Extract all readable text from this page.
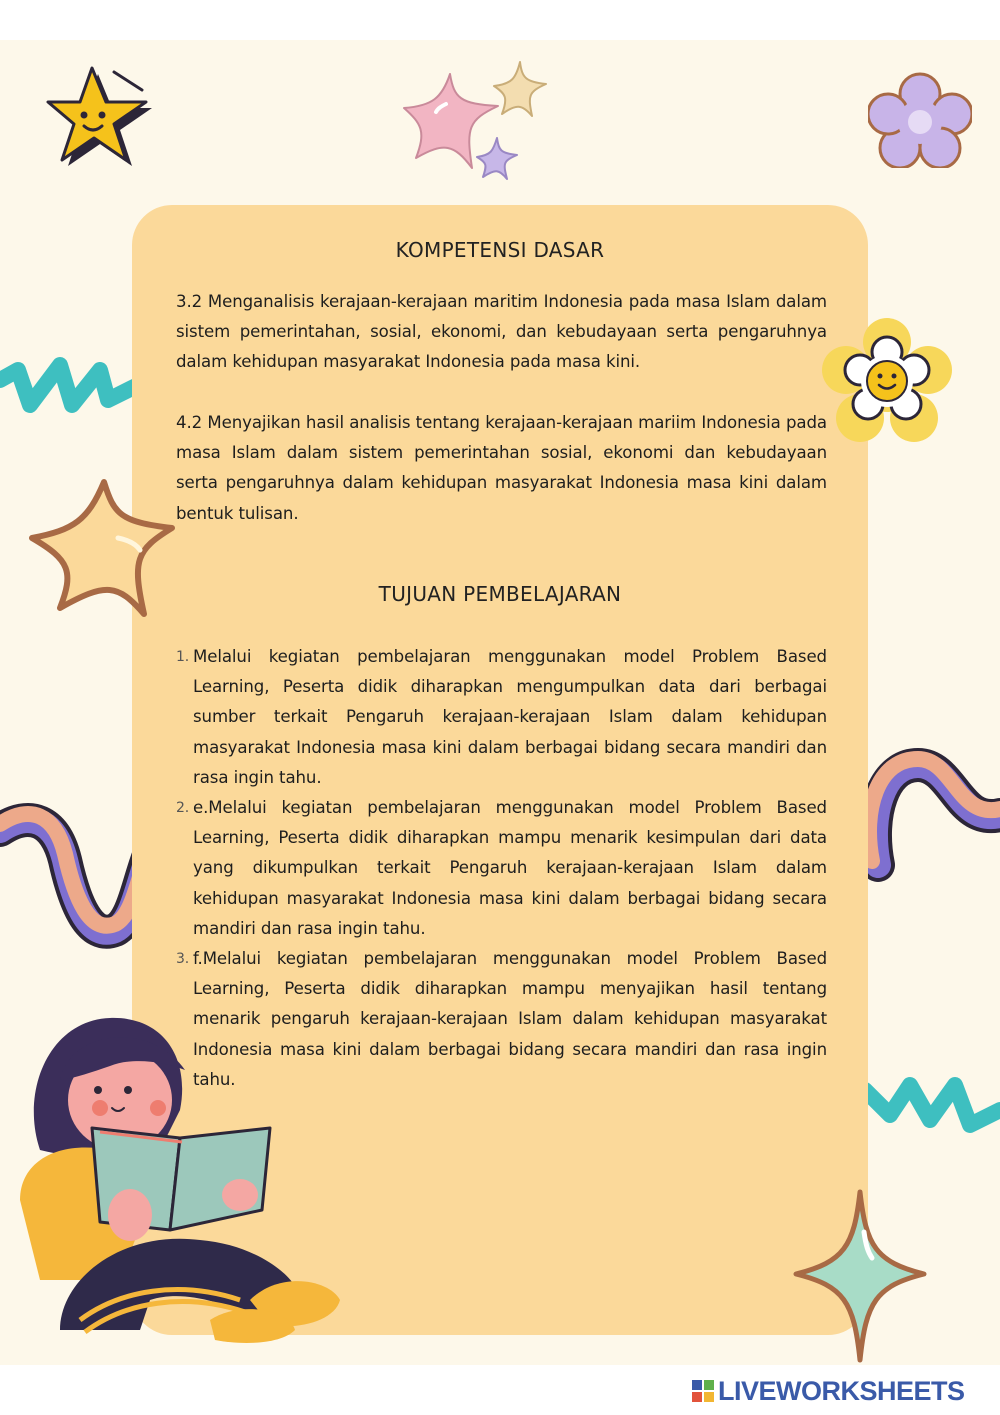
KOMPETENSI DASAR

3.2 Menganalisis kerajaan-kerajaan maritim Indonesia pada masa Islam dalam sistem pemerintahan, sosial, ekonomi, dan kebudayaan serta pengaruhnya dalam kehidupan masyarakat Indonesia pada masa kini.

4.2 Menyajikan hasil analisis tentang kerajaan-kerajaan mariim Indonesia pada masa Islam dalam sistem pemerintahan sosial, ekonomi dan kebudayaan serta pengaruhnya dalam kehidupan masyarakat Indonesia masa kini dalam bentuk tulisan.

TUJUAN PEMBELAJARAN
1. Melalui kegiatan pembelajaran menggunakan model Problem Based Learning, Peserta didik diharapkan mengumpulkan data dari berbagai sumber terkait Pengaruh kerajaan-kerajaan Islam dalam kehidupan masyarakat Indonesia masa kini dalam berbagai bidang secara mandiri dan rasa ingin tahu.
2. e.Melalui kegiatan pembelajaran menggunakan model Problem Based Learning, Peserta didik diharapkan mampu menarik kesimpulan dari data yang dikumpulkan terkait Pengaruh kerajaan-kerajaan Islam dalam kehidupan masyarakat Indonesia masa kini dalam berbagai bidang secara mandiri dan rasa ingin tahu.
3. f.Melalui kegiatan pembelajaran menggunakan model Problem Based Learning, Peserta didik diharapkan mampu menyajikan hasil tentang menarik pengaruh kerajaan-kerajaan Islam dalam kehidupan masyarakat Indonesia masa kini dalam berbagai bidang secara mandiri dan rasa ingin tahu.
LIVEWORKSHEETS
